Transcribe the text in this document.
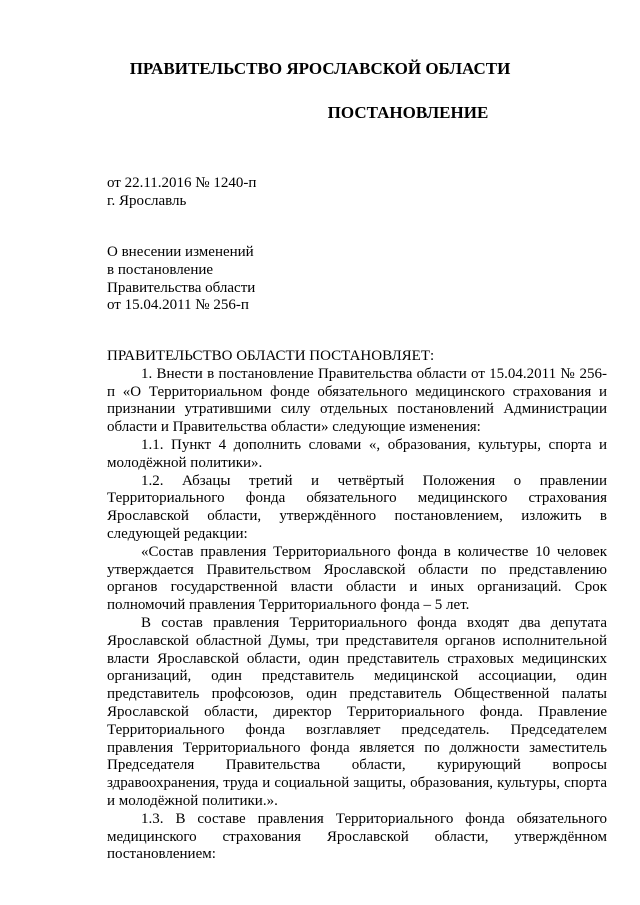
ПРАВИТЕЛЬСТВО ЯРОСЛАВСКОЙ ОБЛАСТИ
ПОСТАНОВЛЕНИЕ
от 22.11.2016 № 1240-п
г. Ярославль
О внесении изменений
в постановление
Правительства области
от 15.04.2011 № 256-п

ПРАВИТЕЛЬСТВО ОБЛАСТИ ПОСТАНОВЛЯЕТ:

1. Внести в постановление Правительства области от 15.04.2011 № 256-п «О Территориальном фонде обязательного медицинского страхования и признании утратившими силу отдельных постановлений Администрации области и Правительства области» следующие изменения:

1.1. Пункт 4 дополнить словами «, образования, культуры, спорта и молодёжной политики».

1.2. Абзацы третий и четвёртый Положения о правлении Территориального фонда обязательного медицинского страхования Ярославской области, утверждённого постановлением, изложить в следующей редакции:

«Состав правления Территориального фонда в количестве 10 человек утверждается Правительством Ярославской области по представлению органов государственной власти области и иных организаций. Срок полномочий правления Территориального фонда – 5 лет.

В состав правления Территориального фонда входят два депутата Ярославской областной Думы, три представителя органов исполнительной власти Ярославской области, один представитель страховых медицинских организаций, один представитель медицинской ассоциации, один представитель профсоюзов, один представитель Общественной палаты Ярославской области, директор Территориального фонда. Правление Территориального фонда возглавляет председатель. Председателем правления Территориального фонда является по должности заместитель Председателя Правительства области, курирующий вопросы здравоохранения, труда и социальной защиты, образования, культуры, спорта и молодёжной политики.».

1.3. В составе правления Территориального фонда обязательного медицинского страхования Ярославской области, утверждённом постановлением:
